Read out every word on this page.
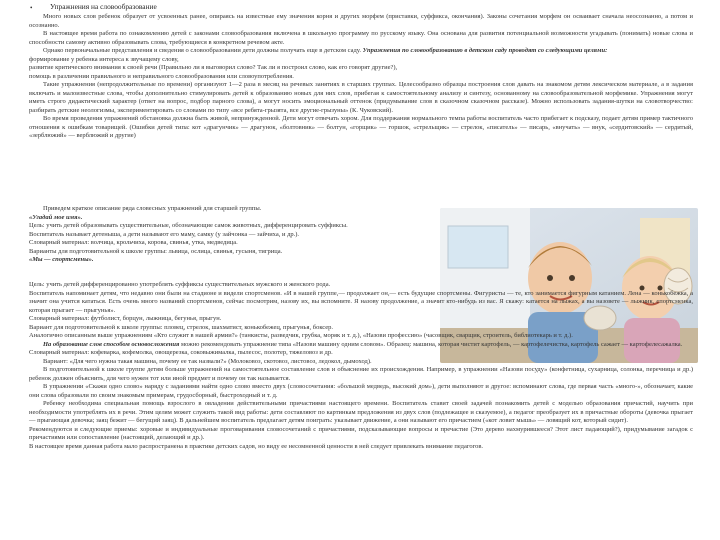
• Упражнения на словообразование

Много новых слов ребенок образует от усвоенных ранее, опираясь на известные ему значения корня и других морфем (приставки, суффикса, окончания). Законы сочетания морфем он осваивает сначала неосознанно, а потом и осознанно.

В настоящее время работа по ознакомлению детей с законами словообразования включена в школьную программу по русскому языку. Она основана для развития потенциальной возможности угадывать (понимать) новые слова и способности самому активно образовывать слова, требующиеся в конкретном речевом акте.

Однако первоначальные представления и сведения о словообразовании дети должны получать еще в детском саду. Упражнения по словообразованию в детском саду проводят со следующими целями:

формирование у ребенка интереса к звучащему слову,

развитие критического внимания к своей речи (Правильно ли я выговорил слово? Так ли я построил слово, как его говорят другие?),

помощь в различении правильного и неправильного словообразования или словоупотребления.

Такие упражнения (непродолжительные по времени) организуют 1—2 раза в месяц на речевых занятиях в старших группах. Целесообразно образцы построения слов давать на знакомом детям лексическом материале, а в задания включать и малоизвестные слова, чтобы дополнительно стимулировать детей к образованию новых для них слов, прибегая к самостоятельному анализу и синтезу, основанному на словообразовательной морфемике. Упражнения могут иметь строго дидактический характер (ответ на вопрос, подбор парного слова), а могут носить эмоциональный оттенок (придумывание слов в сказочном сказочном рассказе). Можно использовать задания-шутки на словотворчество: разбирать детские неологизмы, экспериментировать со словами по типу «все ребята-грызята, все другие-грызуны» (К. Чуковский).

Во время проведения упражнений обстановка должна быть живой, непринужденной. Дети могут отвечать хором. Для поддержания нормального темпа работы воспитатель часто прибегает к подсказу, подает детям пример тактичного отношения к ошибкам товарищей. (Ошибки детей типа: кот «драгунчик» — драгунок, «болтовник» — болтун, «горщик» — горшок, «стрельщик» — стрелок, «писатель» — писарь, «внучать» — внук, «сердитовский» — сердитый, «зерблюжий» — верблюжий и другие)

Приведем краткое описание ряда словесных упражнений для старшей группы.

«Угадай мое имя».

Цель: учить детей образовывать существительные, обозначающие самок животных, дифференцировать суффиксы.

Воспитатель называет детеныша, а дети называют его маму, самку (у зайчонка — зайчиха, и др.).

Словарный материал: волчица, крольчиха, корова, свинья, утка, медведица.

Варианты для подготовительной к школе группы: львица, ослица, свинья, гусыня, тигрица.

«Мы — спортсмены».

Цель: учить детей дифференцированно употреблять суффиксы существительных мужского и женского рода.

Воспитатель напоминает детям, что недавно они были на стадионе и видели спортсменов. «И в нашей группе,— продолжает он,— есть будущие спортсмены. Фигуристы — те, кто занимается фигурным катанием. Лена — конькобежка, а значит она учится кататься. Есть очень много названий спортсменов, сейчас посмотрим, назову их, вы вспомните. Я назову продолжение, а значит кто-нибудь из вас. Я скажу: катается на лыжах, а вы назовете — лыжник, спортсменка, которая прыгает — прыгунья».

Словарный материал: футболист, борцун, лыжница, бегунья, прыгун.

Вариант для подготовительной к школе группы: пловец, стрелок, шахматист, конькобежец, прыгунья, боксер.

Аналогично описанным выше упражнениям «Кто служит в нашей армии?» (танкисты, разведчик, грубка, моряк и т. д.), «Назови профессию» (часовщик, сварщик, строитель, библиотекарь и т. д.).

На образование слов способом основосложения можно рекомендовать упражнение типа «Назови машину одним словом». Образец: машина, которая чистит картофель, — картофелечистка, картофель сажает — картофелесажалка.

Словарный материал: кофеварка, кофемолка, овощерезка, соковыжималка, пылесос, полотер, тяжеловоз и др.

Вариант: «Для чего нужна такая машина, почему ее так назвали?» (Молоковоз, скотовоз, листовоз, ледокол, дымоход).

В подготовительной к школе группе детям больше упражнений на самостоятельное составление слов и объяснение их происхождения. Например, в упражнении «Назови посуду» (конфетница, сухарница, солонка, перечница и др.) ребенок должен объяснить, для чего нужен тот или иной предмет и почему он так называется.

В упражнении «Скажи одно слово» наряду с заданиями найти одно слово вместо двух (словосочетания: «большой медведь, высокий дом»), дети выполняют и другое: вспоминают слова, где первая часть «много-», обозначает, какие они слова образовали по своим знакомым примерам, грудосборный, быстроходный и т. д.

Ребенку необходима специальная помощь взрослого в овладении действительными причастиями настоящего времени. Воспитатель ставит своей задачей познакомить детей с моделью образования причастий, научить при необходимости употреблять их в речи. Этим целям может служить такой вид работы: дети составляют по картинкам предложения из двух слов (подлежащее и сказуемое), а педагог преобразует их в причастные обороты (девочка прыгает — прыгающая девочка; заяц бежит — бегущий заяц). В дальнейшем воспитатель предлагает детям поиграть: указывает движение, а они называют его причастием («кот ловит мышь» — ловящий кот, который сидит).

Рекомендуются и следующие приемы: хоровые и индивидуальные проговаривания словосочетаний с причастиями, подсказывающие вопросы и пречастие (Это дерево нахмурившееся? Этот лист падающий?), придумывание загадок с причастиями или сопоставление (настоящий, делающий и др.).

В настоящее время данная работа мало распространена в практике детских садов, но виду ее несомненной ценности в ней следует привлекать внимание педагогов.
